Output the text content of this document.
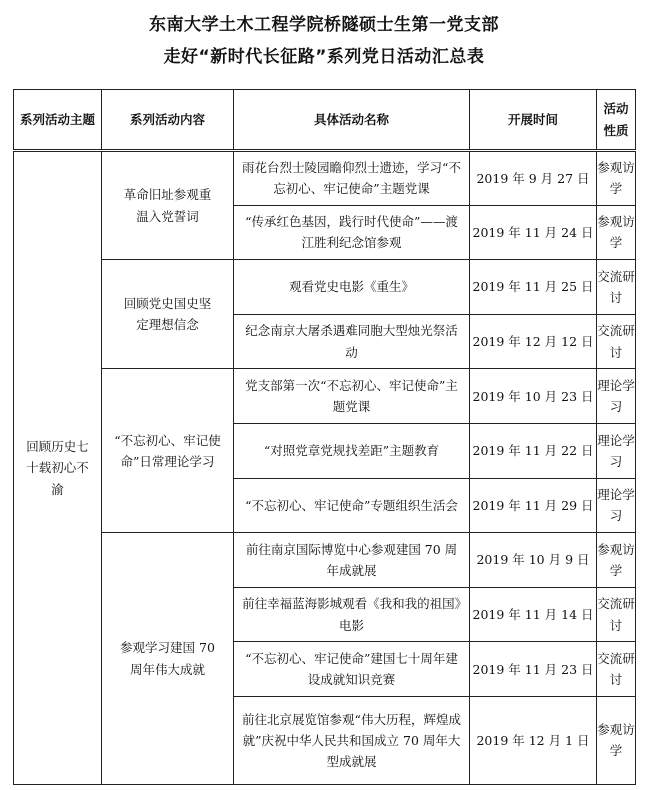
东南大学土木工程学院桥隧硕士生第一党支部
走好“新时代长征路”系列党日活动汇总表
系列活动主题	系列活动内容	具体活动名称	开展时间	活动性质
回顾历史七十载初心不渝	革命旧址参观重温入党誓词	雨花台烈士陵园瞻仰烈士遗迹，学习“不忘初心、牢记使命”主题党课	2019 年 9 月 27 日	参观访学
		“传承红色基因，践行时代使命”——渡江胜利纪念馆参观	2019 年 11 月 24 日	参观访学
	回顾党史国史坚定理想信念	观看党史电影《重生》	2019 年 11 月 25 日	交流研讨
		纪念南京大屠杀遇难同胞大型烛光祭活动	2019 年 12 月 12 日	交流研讨
	“不忘初心、牢记使命”日常理论学习	党支部第一次“不忘初心、牢记使命”主题党课	2019 年 10 月 23 日	理论学习
		“对照党章党规找差距”主题教育	2019 年 11 月 22 日	理论学习
		“不忘初心、牢记使命”专题组织生活会	2019 年 11 月 29 日	理论学习
	参观学习建国 70 周年伟大成就	前往南京国际博览中心参观建国 70 周年成就展	2019 年 10 月 9 日	参观访学
		前往幸福蓝海影城观看《我和我的祖国》电影	2019 年 11 月 14 日	交流研讨
		“不忘初心、牢记使命”建国七十周年建设成就知识竞赛	2019 年 11 月 23 日	交流研讨
		前往北京展览馆参观“伟大历程，辉煌成就”庆祝中华人民共和国成立 70 周年大型成就展	2019 年 12 月 1 日	参观访学
